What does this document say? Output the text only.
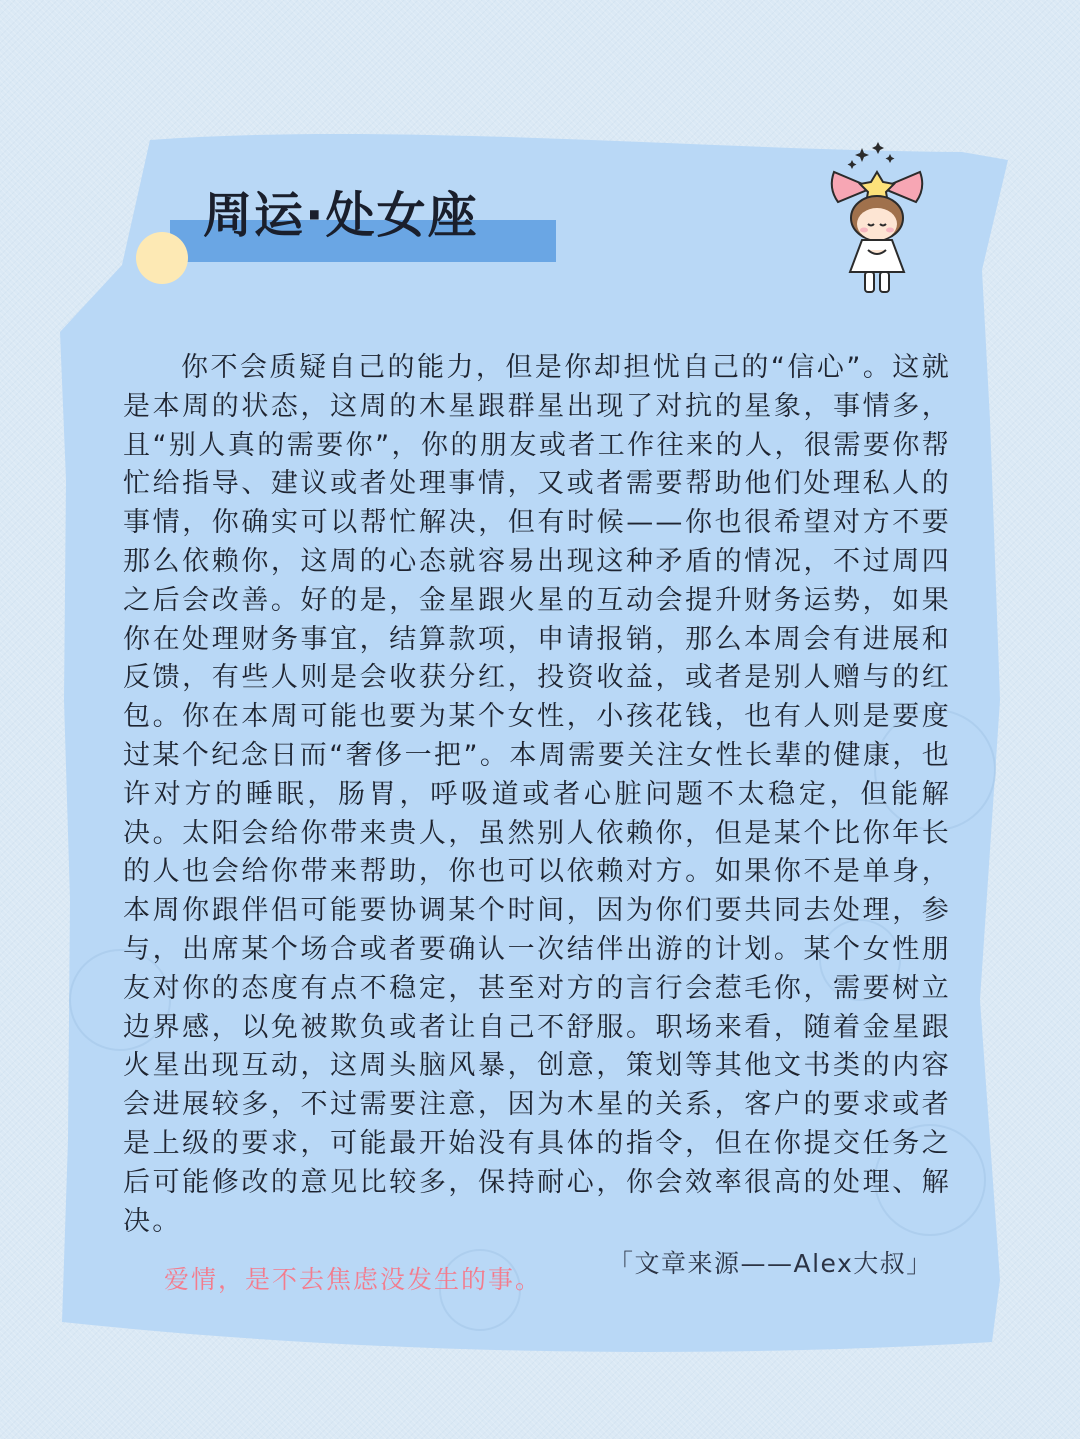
周运·处女座

你不会质疑自己的能力，但是你却担忧自己的“信心”。这就是本周的状态，这周的木星跟群星出现了对抗的星象，事情多，且“别人真的需要你”，你的朋友或者工作往来的人，很需要你帮忙给指导、建议或者处理事情，又或者需要帮助他们处理私人的事情，你确实可以帮忙解决，但有时候——你也很希望对方不要那么依赖你，这周的心态就容易出现这种矛盾的情况，不过周四之后会改善。好的是，金星跟火星的互动会提升财务运势，如果你在处理财务事宜，结算款项，申请报销，那么本周会有进展和反馈，有些人则是会收获分红，投资收益，或者是别人赠与的红包。你在本周可能也要为某个女性，小孩花钱，也有人则是要度过某个纪念日而“奢侈一把”。本周需要关注女性长辈的健康，也许对方的睡眠，肠胃，呼吸道或者心脏问题不太稳定，但能解决。太阳会给你带来贵人，虽然别人依赖你，但是某个比你年长的人也会给你带来帮助，你也可以依赖对方。如果你不是单身，本周你跟伴侣可能要协调某个时间，因为你们要共同去处理，参与，出席某个场合或者要确认一次结伴出游的计划。某个女性朋友对你的态度有点不稳定，甚至对方的言行会惹毛你，需要树立边界感，以免被欺负或者让自己不舒服。职场来看，随着金星跟火星出现互动，这周头脑风暴，创意，策划等其他文书类的内容会进展较多，不过需要注意，因为木星的关系，客户的要求或者是上级的要求，可能最开始没有具体的指令，但在你提交任务之后可能修改的意见比较多，保持耐心，你会效率很高的处理、解决。

「文章来源——Alex大叔」
爱情，是不去焦虑没发生的事。
